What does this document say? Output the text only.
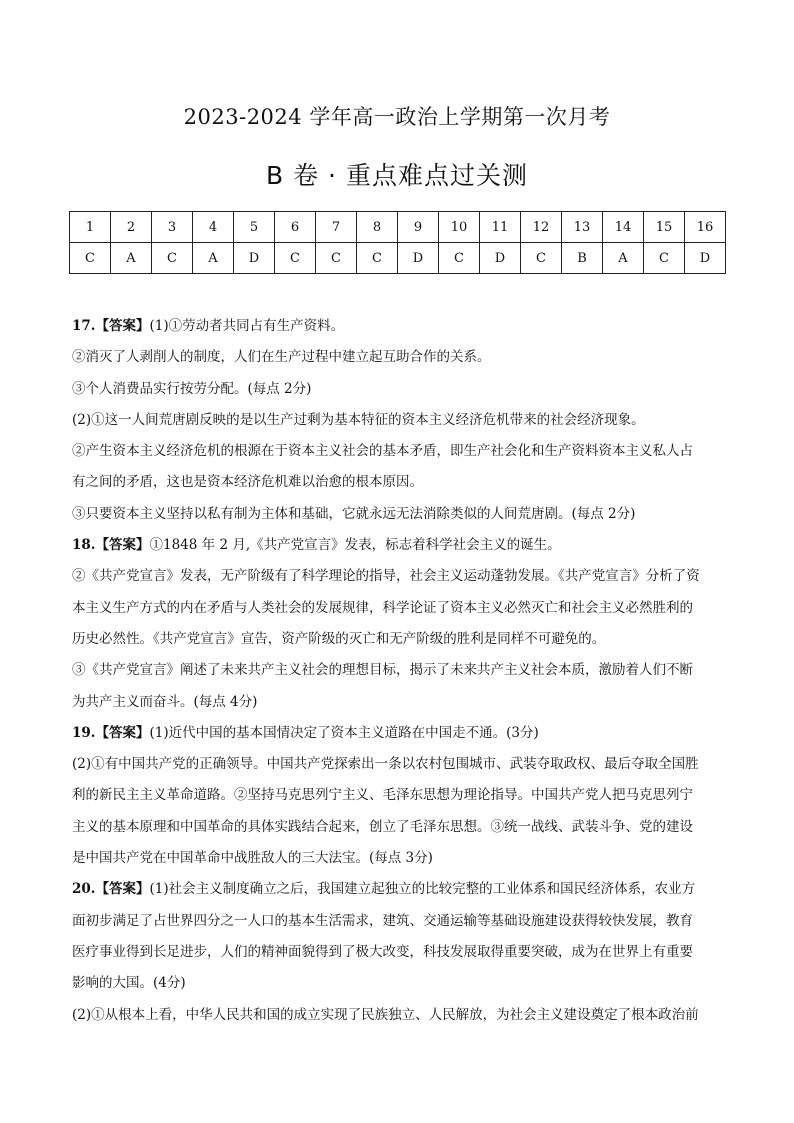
2023-2024 学年高一政治上学期第一次月考
B 卷 · 重点难点过关测
1	2	3	4	5	6	7	8	9	10	11	12	13	14	15	16
C	A	C	A	D	C	C	C	D	C	D	C	B	A	C	D

17.【答案】(1)①劳动者共同占有生产资料。

②消灭了人剥削人的制度，人们在生产过程中建立起互助合作的关系。

③个人消费品实行按劳分配。(每点 2分)

(2)①这一人间荒唐剧反映的是以生产过剩为基本特征的资本主义经济危机带来的社会经济现象。

②产生资本主义经济危机的根源在于资本主义社会的基本矛盾，即生产社会化和生产资料资本主义私人占

有之间的矛盾，这也是资本经济危机难以治愈的根本原因。

③只要资本主义坚持以私有制为主体和基础，它就永远无法消除类似的人间荒唐剧。(每点 2分)

18.【答案】①1848 年 2 月,《共产党宣言》发表，标志着科学社会主义的诞生。

②《共产党宣言》发表，无产阶级有了科学理论的指导，社会主义运动蓬勃发展。《共产党宣言》分析了资

本主义生产方式的内在矛盾与人类社会的发展规律，科学论证了资本主义必然灭亡和社会主义必然胜利的

历史必然性。《共产党宣言》宣告，资产阶级的灭亡和无产阶级的胜利是同样不可避免的。

③《共产党宣言》阐述了未来共产主义社会的理想目标，揭示了未来共产主义社会本质，激励着人们不断

为共产主义而奋斗。(每点 4分)

19.【答案】(1)近代中国的基本国情决定了资本主义道路在中国走不通。(3分)

(2)①有中国共产党的正确领导。中国共产党探索出一条以农村包围城市、武装夺取政权、最后夺取全国胜

利的新民主主义革命道路。②坚持马克思列宁主义、毛泽东思想为理论指导。中国共产党人把马克思列宁

主义的基本原理和中国革命的具体实践结合起来，创立了毛泽东思想。③统一战线、武装斗争、党的建设

是中国共产党在中国革命中战胜敌人的三大法宝。(每点 3分)

20.【答案】(1)社会主义制度确立之后，我国建立起独立的比较完整的工业体系和国民经济体系，农业方

面初步满足了占世界四分之一人口的基本生活需求，建筑、交通运输等基础设施建设获得较快发展，教育

医疗事业得到长足进步，人们的精神面貌得到了极大改变，科技发展取得重要突破，成为在世界上有重要

影响的大国。(4分)

(2)①从根本上看，中华人民共和国的成立实现了民族独立、人民解放，为社会主义建设奠定了根本政治前
